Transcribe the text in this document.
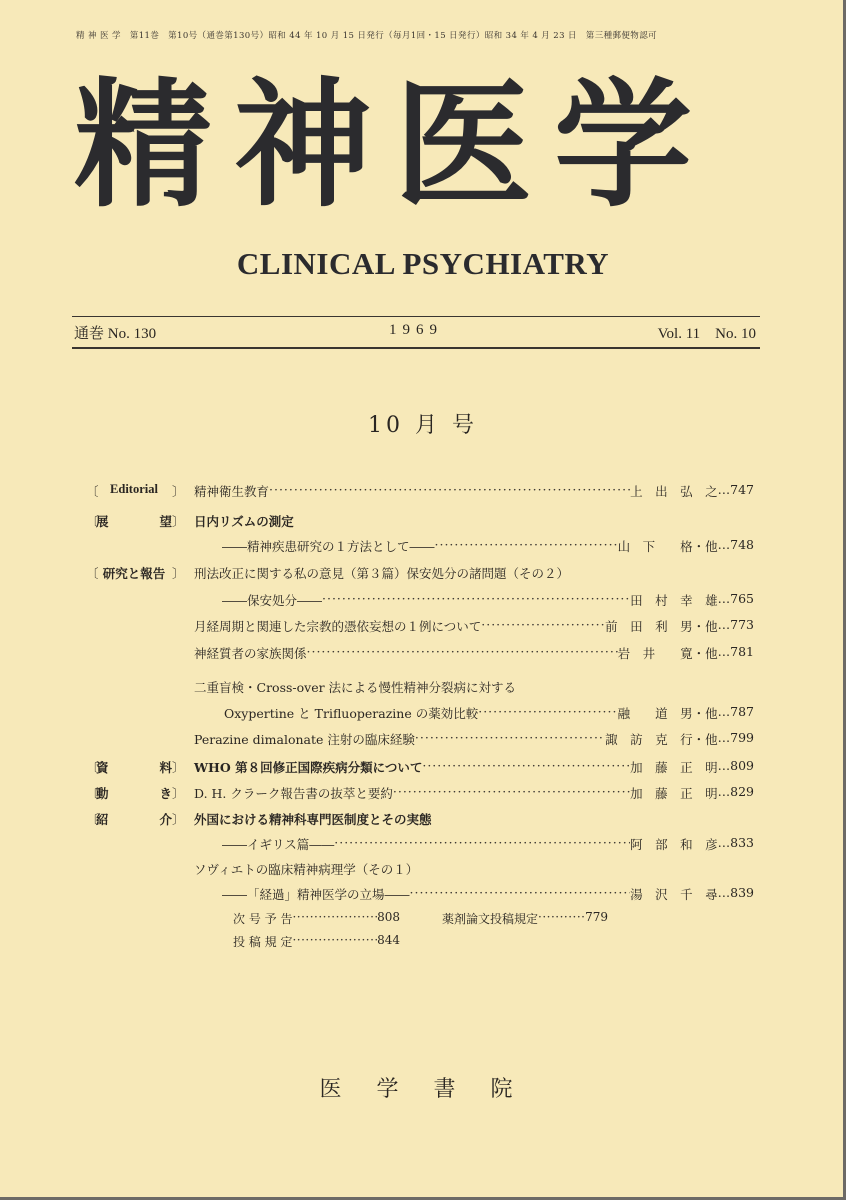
精 神 医 学　第11巻　第10号（通巻第130号）昭和 44 年 10 月 15 日発行（毎月1回・15 日発行）昭和 34 年 4 月 23 日　第三種郵便物認可
精神医学
CLINICAL PSYCHIATRY
通巻 No. 130	1969	Vol. 11　No. 10
10 月 号
〔 Editorial	〕 精神衛生教育 ·····	上　出　弘　之 … 747
〔
展　　望 〕 日内リズムの測定
――精神疾患研究の１方法として―― ·····	山　下　　格・他 … 748
〔 研究と報告 〕 刑法改正に関する私の意見（第３篇）保安処分の諸問題（その２）
――保安処分―― ·····	田　村　幸　雄 … 765
月経周期と関連した宗教的憑依妄想の１例について ·····	前　田　利　男・他 … 773
神経質者の家族関係 ·····	岩　井　　寛・他 … 781
二重盲検・Cross-over 法による慢性精神分裂病に対する
Oxypertine と Trifluoperazine の薬効比較 ·····	融　　道　男・他 … 787
Perazine dimalonate 注射の臨床経験 ·····	諏　訪　克　行・他 … 799
〔
資　　料 〕 WHO 第８回修正国際疾病分類について ·····	加　藤　正　明 … 809
〔
動　　き 〕 D. H. クラーク報告書の抜萃と要約 ·····	加　藤　正　明 … 829
〔
紹　　介 〕 外国における精神科専門医制度とその実態
――イギリス篇―― ·····	阿　部　和　彦 … 833
ソヴィエトの臨床精神病理学（その１）
――「経過」精神医学の立場―― ·····	湯　沢　千　尋 … 839
次 号 予 告 ·····	808	薬剤論文投稿規定 ·····	779
投 稿 規 定 ·····	844
医 学 書 院
